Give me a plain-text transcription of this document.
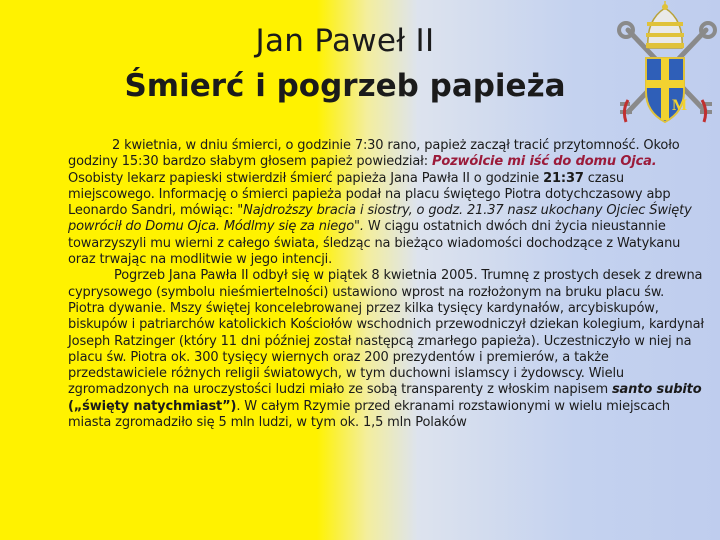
Jan Paweł II
Śmierć i pogrzeb papieża
M

2 kwietnia, w dniu śmierci, o godzinie 7:30 rano, papież zaczął tracić przytomność. Około godziny 15:30 bardzo słabym głosem papież powiedział: Pozwólcie mi iść do domu Ojca. Osobisty lekarz papieski stwierdził śmierć papieża Jana Pawła II o godzinie 21:37 czasu miejscowego. Informację o śmierci papieża podał na placu świętego Piotra dotychczasowy abp Leonardo Sandri, mówiąc: "Najdroższy bracia i siostry, o godz. 21.37 nasz ukochany Ojciec Święty powrócił do Domu Ojca. Módlmy się za niego". W ciągu ostatnich dwóch dni życia nieustannie towarzyszyli mu wierni z całego świata, śledząc na bieżąco wiadomości dochodzące z Watykanu oraz trwając na modlitwie w jego intencji.

Pogrzeb Jana Pawła II odbył się w piątek 8 kwietnia 2005. Trumnę z prostych desek z drewna cyprysowego (symbolu nieśmiertelności) ustawiono wprost na rozłożonym na bruku placu św. Piotra dywanie. Mszy świętej koncelebrowanej przez kilka tysięcy kardynałów, arcybiskupów, biskupów i patriarchów katolickich Kościołów wschodnich przewodniczył dziekan kolegium, kardynał Joseph Ratzinger (który 11 dni później został następcą zmarłego papieża). Uczestniczyło w niej na placu św. Piotra ok. 300 tysięcy wiernych oraz 200 prezydentów i premierów, a także przedstawiciele różnych religii światowych, w tym duchowni islamscy i żydowscy. Wielu zgromadzonych na uroczystości ludzi miało ze sobą transparenty z włoskim napisem santo subito („święty natychmiast”). W całym Rzymie przed ekranami rozstawionymi w wielu miejscach miasta zgromadziło się 5 mln ludzi, w tym ok. 1,5 mln Polaków
